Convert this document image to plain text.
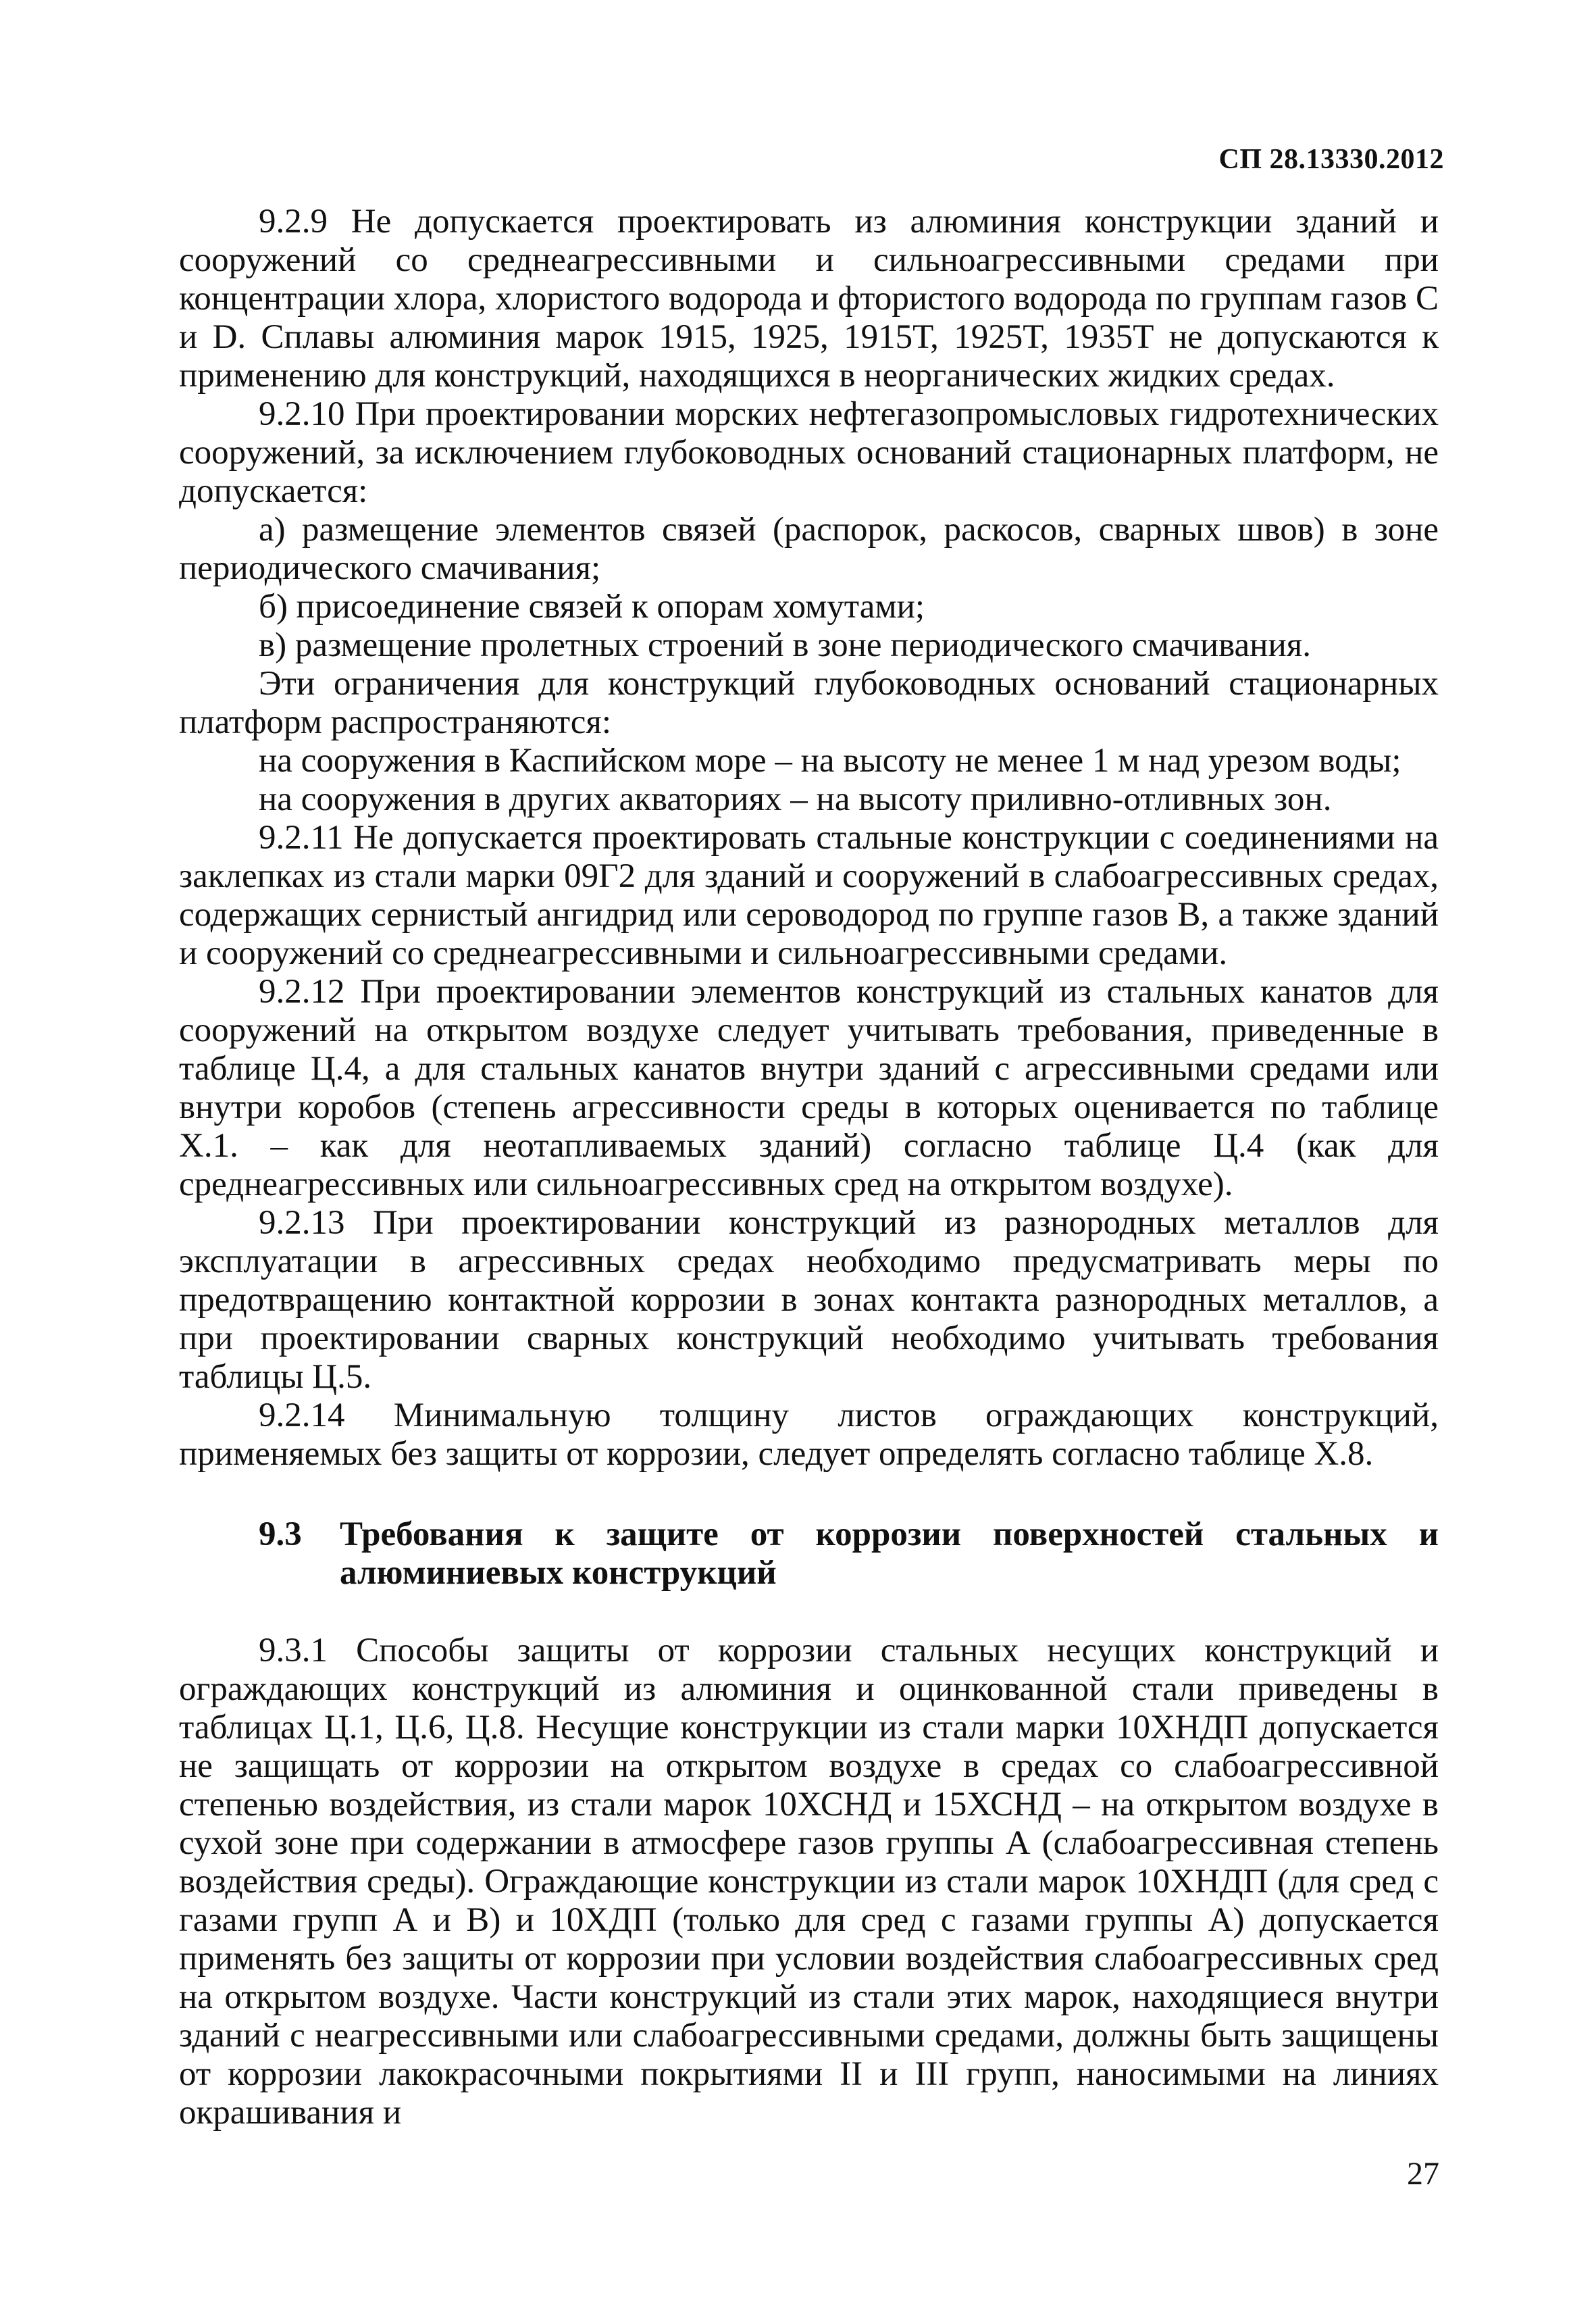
СП 28.13330.2012

9.2.9 Не допускается проектировать из алюминия конструкции зданий и сооружений со среднеагрессивными и сильноагрессивными средами при концентрации хлора, хлористого водорода и фтористого водорода по группам газов С и D. Сплавы алюминия марок 1915, 1925, 1915Т, 1925Т, 1935Т не допускаются к применению для конструкций, находящихся в неорганических жидких средах.

9.2.10 При проектировании морских нефтегазопромысловых гидротехнических сооружений, за исключением глубоководных оснований стационарных платформ, не допускается:

а) размещение элементов связей (распорок, раскосов, сварных швов) в зоне периодического смачивания;

б) присоединение связей к опорам хомутами;

в) размещение пролетных строений в зоне периодического смачивания.

Эти ограничения для конструкций глубоководных оснований стационарных платформ распространяются:

на сооружения в Каспийском море – на высоту не менее 1 м над урезом воды;

на сооружения в других акваториях – на высоту приливно-отливных зон.

9.2.11 Не допускается проектировать стальные конструкции с соединениями на заклепках из стали марки 09Г2 для зданий и сооружений в слабоагрессивных средах, содержащих сернистый ангидрид или сероводород по группе газов В, а также зданий и сооружений со среднеагрессивными и сильноагрессивными средами.

9.2.12 При проектировании элементов конструкций из стальных канатов для сооружений на открытом воздухе следует учитывать требования, приведенные в таблице Ц.4, а для стальных канатов внутри зданий с агрессивными средами или внутри коробов (степень агрессивности среды в которых оценивается по таблице Х.1. – как для неотапливаемых зданий) согласно таблице Ц.4 (как для среднеагрессивных или сильноагрессивных сред на открытом воздухе).

9.2.13 При проектировании конструкций из разнородных металлов для эксплуатации в агрессивных средах необходимо предусматривать меры по предотвращению контактной коррозии в зонах контакта разнородных металлов, а при проектировании сварных конструкций необходимо учитывать требования таблицы Ц.5.

9.2.14 Минимальную толщину листов ограждающих конструкций, применяемых без защиты от коррозии, следует определять согласно таблице Х.8.

9.3	Требования к защите от коррозии поверхностей стальных и алюминиевых конструкций

9.3.1 Способы защиты от коррозии стальных несущих конструкций и ограждающих конструкций из алюминия и оцинкованной стали приведены в таблицах Ц.1, Ц.6, Ц.8. Несущие конструкции из стали марки 10ХНДП допускается не защищать от коррозии на открытом воздухе в средах со слабоагрессивной степенью воздействия, из стали марок 10ХСНД и 15ХСНД – на открытом воздухе в сухой зоне при содержании в атмосфере газов группы А (слабоагрессивная степень воздействия среды). Ограждающие конструкции из стали марок 10ХНДП (для сред с газами групп А и В) и 10ХДП (только для сред с газами группы А) допускается применять без защиты от коррозии при условии воздействия слабоагрессивных сред на открытом воздухе. Части конструкций из стали этих марок, находящиеся внутри зданий с неагрессивными или слабоагрессивными средами, должны быть защищены от коррозии лакокрасочными покрытиями II и III групп, наносимыми на линиях окрашивания и

27
